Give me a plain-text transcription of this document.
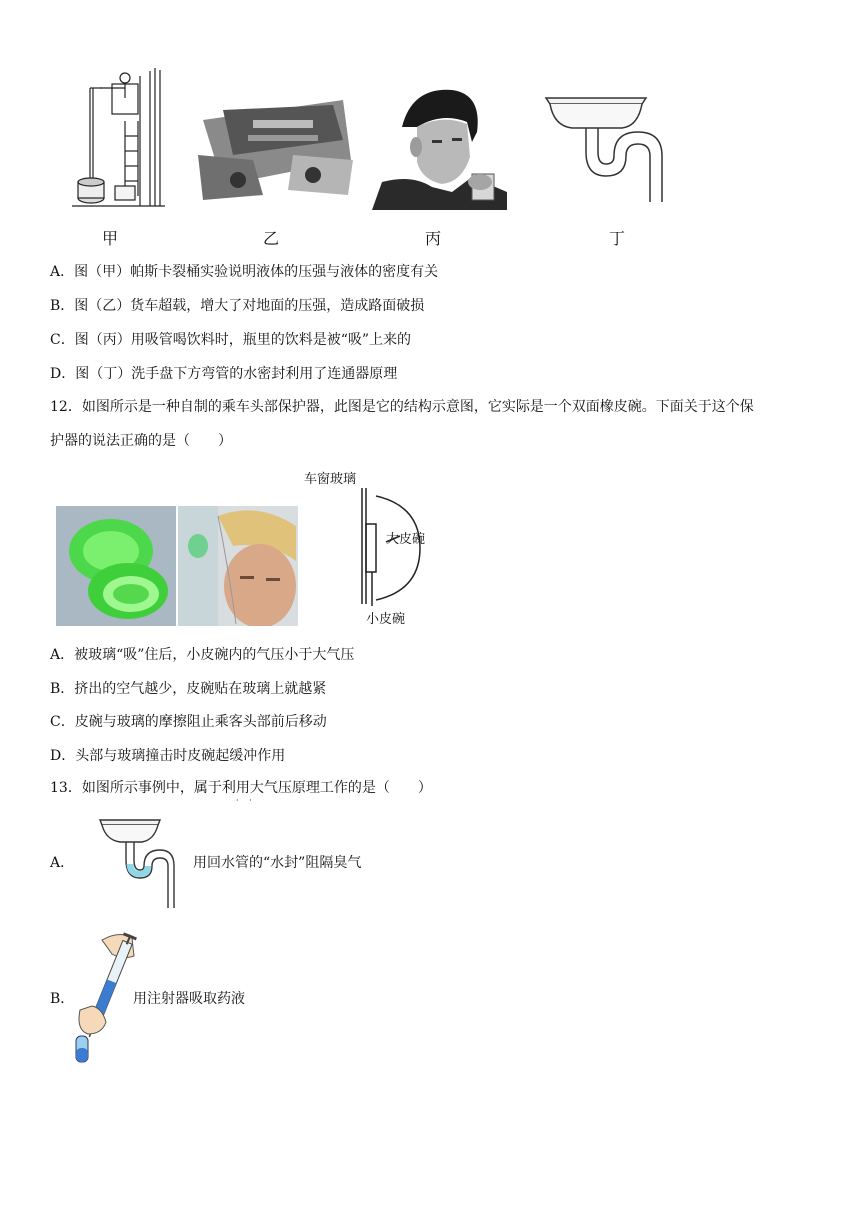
甲	乙	丙	丁
A．图（甲）帕斯卡裂桶实验说明液体的压强与液体的密度有关
B．图（乙）货车超载，增大了对地面的压强，造成路面破损
C．图（丙）用吸管喝饮料时，瓶里的饮料是被“吸”上来的
D．图（丁）洗手盘下方弯管的水密封利用了连通器原理
12．如图所示是一种自制的乘车头部保护器，此图是它的结构示意图，它实际是一个双面橡皮碗。下面关于这个保
护器的说法正确的是（　　）
车窗玻璃
大皮碗
小皮碗
A．被玻璃“吸”住后，小皮碗内的气压小于大气压
B．挤出的空气越少，皮碗贴在玻璃上就越紧
C．皮碗与玻璃的摩擦阻止乘客头部前后移动
D．头部与玻璃撞击时皮碗起缓冲作用
13．如图所示事例中，属于利用大气压原理工作的是（　　）
· ·
A．	用回水管的“水封”阻隔臭气
B．	用注射器吸取药液
